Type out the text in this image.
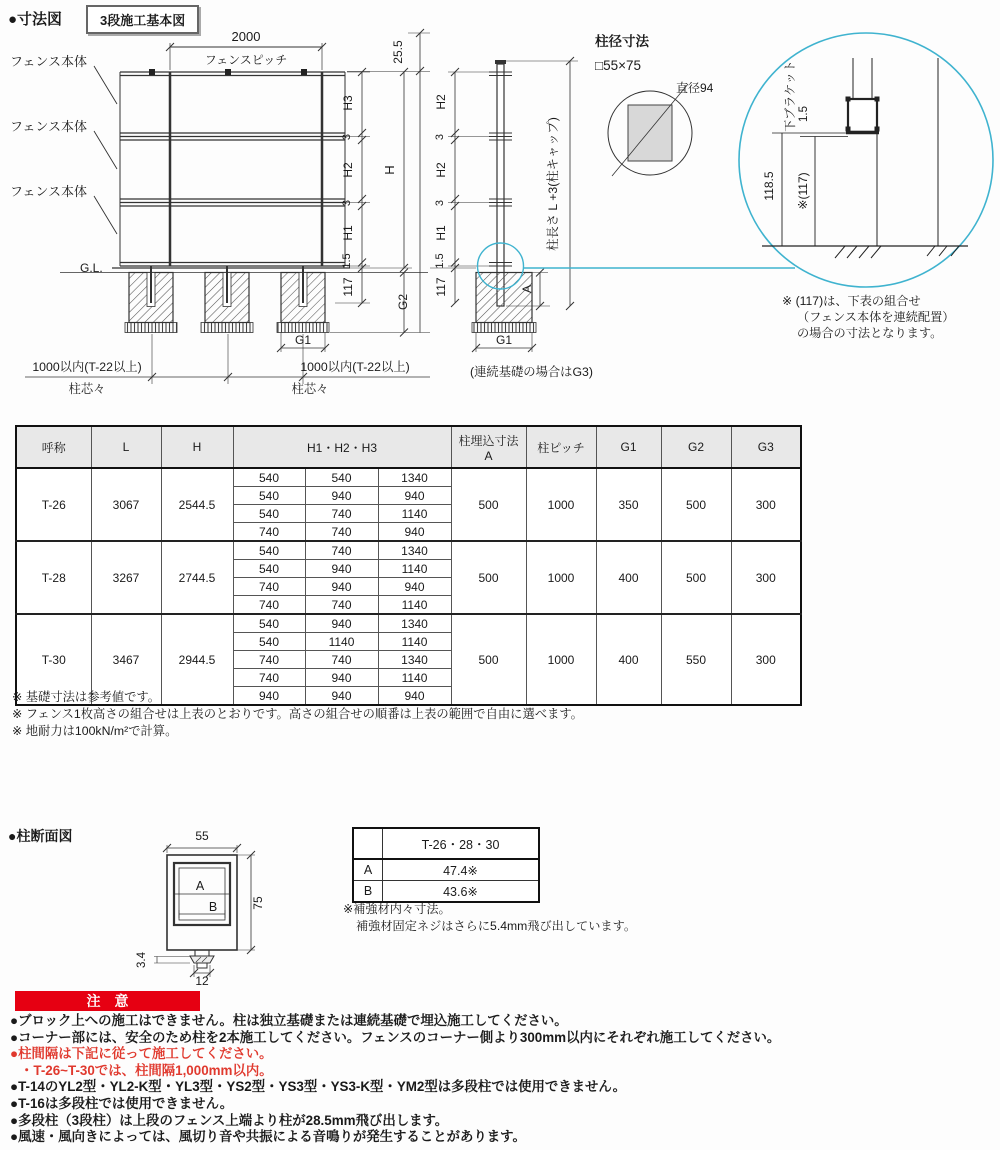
●寸法図	3段施工基本図
フェンス本体
フェンス本体
フェンス本体
G.L.
2000
フェンスピッチ
H3
3
H2
3
H1
1.5
117
H
25.5
G2
G1
1000以内(T-22以上)	1000以内(T-22以上)
柱芯々	柱芯々
H2
3
H2
3
H1
1.5
117	A
G1
柱長さ L +3(柱キャップ)
(連続基礎の場合はG3)
柱径寸法
□55×75
直径94	下ブラケット 1.5
118.5 ※(117)
※ (117)は、下表の組合せ
（フェンス本体を連続配置）
の場合の寸法となります。
呼称	L	H	H1・H2・H3			柱埋込寸法
A	柱ピッチ	G1	G2	G3
T-26	3067	2544.5	540	540	1340	500	1000	350	500	300
			540	940	940					
			540	740	1140					
			740	740	940					
T-28	3267	2744.5	540	740	1340	500	1000	400	500	300
			540	940	1140					
			740	940	940					
			740	740	1140					
T-30	3467	2944.5	540	940	1340	500	1000	400	550	300
			540	1140	1140					
			740	740	1340					
			740	940	1140					
			940	940	940					
※ 基礎寸法は参考値です。
※ フェンス1枚高さの組合せは上表のとおりです。高さの組合せの順番は上表の範囲で自由に選べます。
※ 地耐力は100kN/m²で計算。
●柱断面図	55
A
B	75
3.4
12
	T-26・28・30
A	47.4※
B	43.6※
※補強材内々寸法。
補強材固定ネジはさらに5.4mm飛び出しています。
注　意
●ブロック上への施工はできません。柱は独立基礎または連続基礎で埋込施工してください。
●コーナー部には、安全のため柱を2本施工してください。フェンスのコーナー側より300mm以内にそれぞれ施工してください。
●柱間隔は下記に従って施工してください。
・T-26~T-30では、柱間隔1,000mm以内。
●T-14のYL2型・YL2-K型・YL3型・YS2型・YS3型・YS3-K型・YM2型は多段柱では使用できません。
●T-16は多段柱では使用できません。
●多段柱（3段柱）は上段のフェンス上端より柱が28.5mm飛び出します。
●風速・風向きによっては、風切り音や共振による音鳴りが発生することがあります。
